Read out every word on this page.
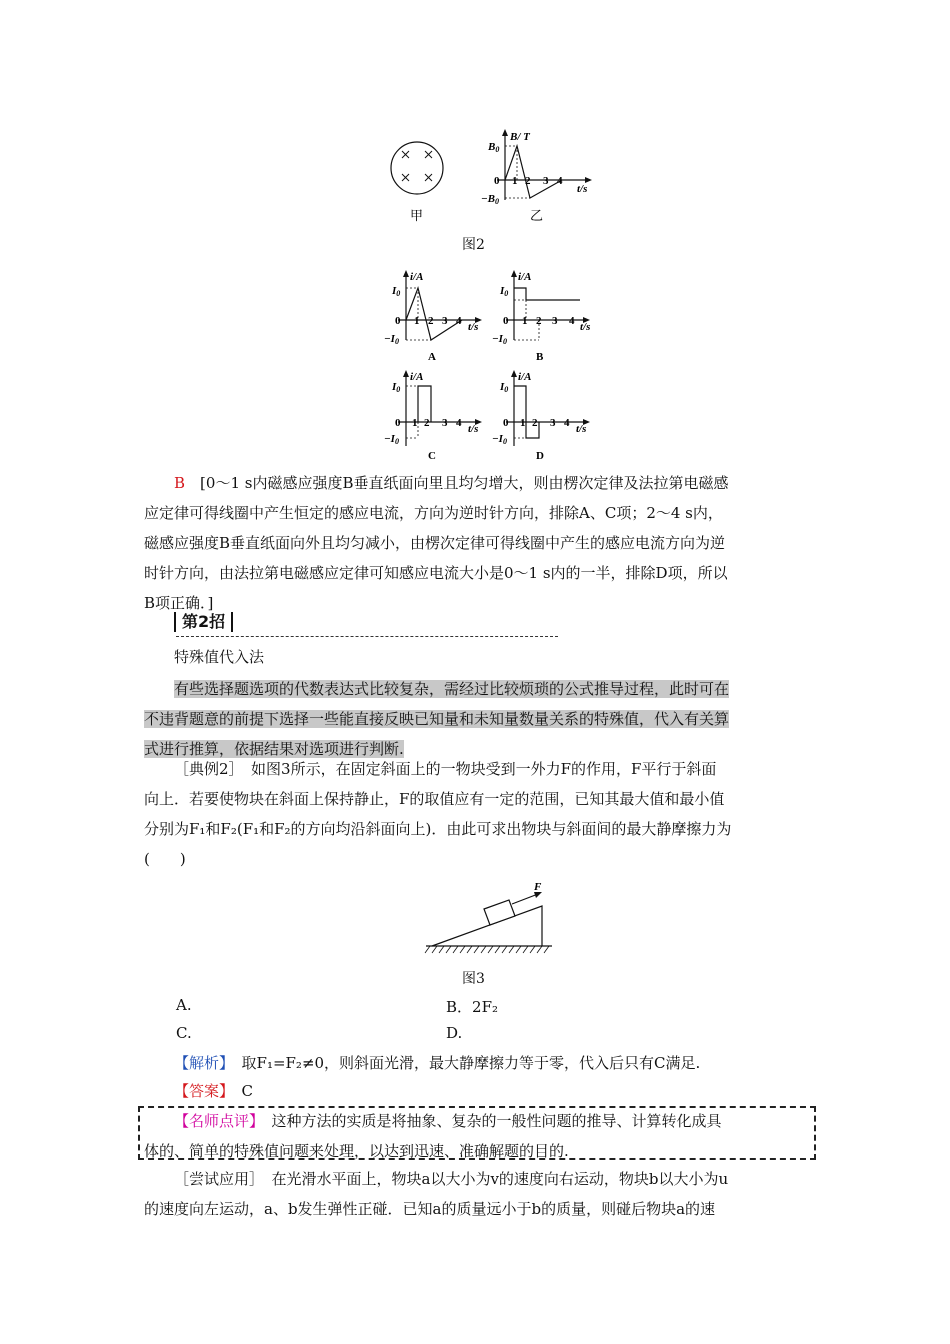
甲
B/ T
B0
0 1 2 3 4
t/s
−B0
乙
图2
i/A
I0
0 1 2 3 4 t/s
−I0
A
i/A
I0
0 1 2 3 4 t/s
−I0
B
i/A
I0
0 1 2 3 4 t/s
−I0
C
i/A
I0
0 1 2 3 4 t/s
−I0
D
B　 [0～1 s内磁感应强度B垂直纸面向里且均匀增大，则由楞次定律及法拉第电磁感
应定律可得线圈中产生恒定的感应电流，方向为逆时针方向，排除A、C项；2～4 s内，
磁感应强度B垂直纸面向外且均匀减小，由楞次定律可得线圈中产生的感应电流方向为逆
时针方向，由法拉第电磁感应定律可知感应电流大小是0～1 s内的一半，排除D项，所以
B项正确．]
第2招
特殊值代入法
有些选择题选项的代数表达式比较复杂，需经过比较烦琐的公式推导过程，此时可在
不违背题意的前提下选择一些能直接反映已知量和未知量数量关系的特殊值，代入有关算
式进行推算，依据结果对选项进行判断.
［典例2］　如图3所示，在固定斜面上的一物块受到一外力F的作用，F平行于斜面
向上．若要使物块在斜面上保持静止，F的取值应有一定的范围，已知其最大值和最小值
分别为F₁和F₂(F₁和F₂的方向均沿斜面向上)．由此可求出物块与斜面间的最大静摩擦力为
(　　)
F
图3
A.	B．2F₂
C.	D.
【解析】　 取F₁=F₂≠0，则斜面光滑，最大静摩擦力等于零，代入后只有C满足.
【答案】　 C
【名师点评】　 这种方法的实质是将抽象、复杂的一般性问题的推导、计算转化成具
体的、简单的特殊值问题来处理，以达到迅速、准确解题的目的.
［尝试应用］　在光滑水平面上，物块a以大小为v的速度向右运动，物块b以大小为u
的速度向左运动，a、b发生弹性正碰．已知a的质量远小于b的质量，则碰后物块a的速
